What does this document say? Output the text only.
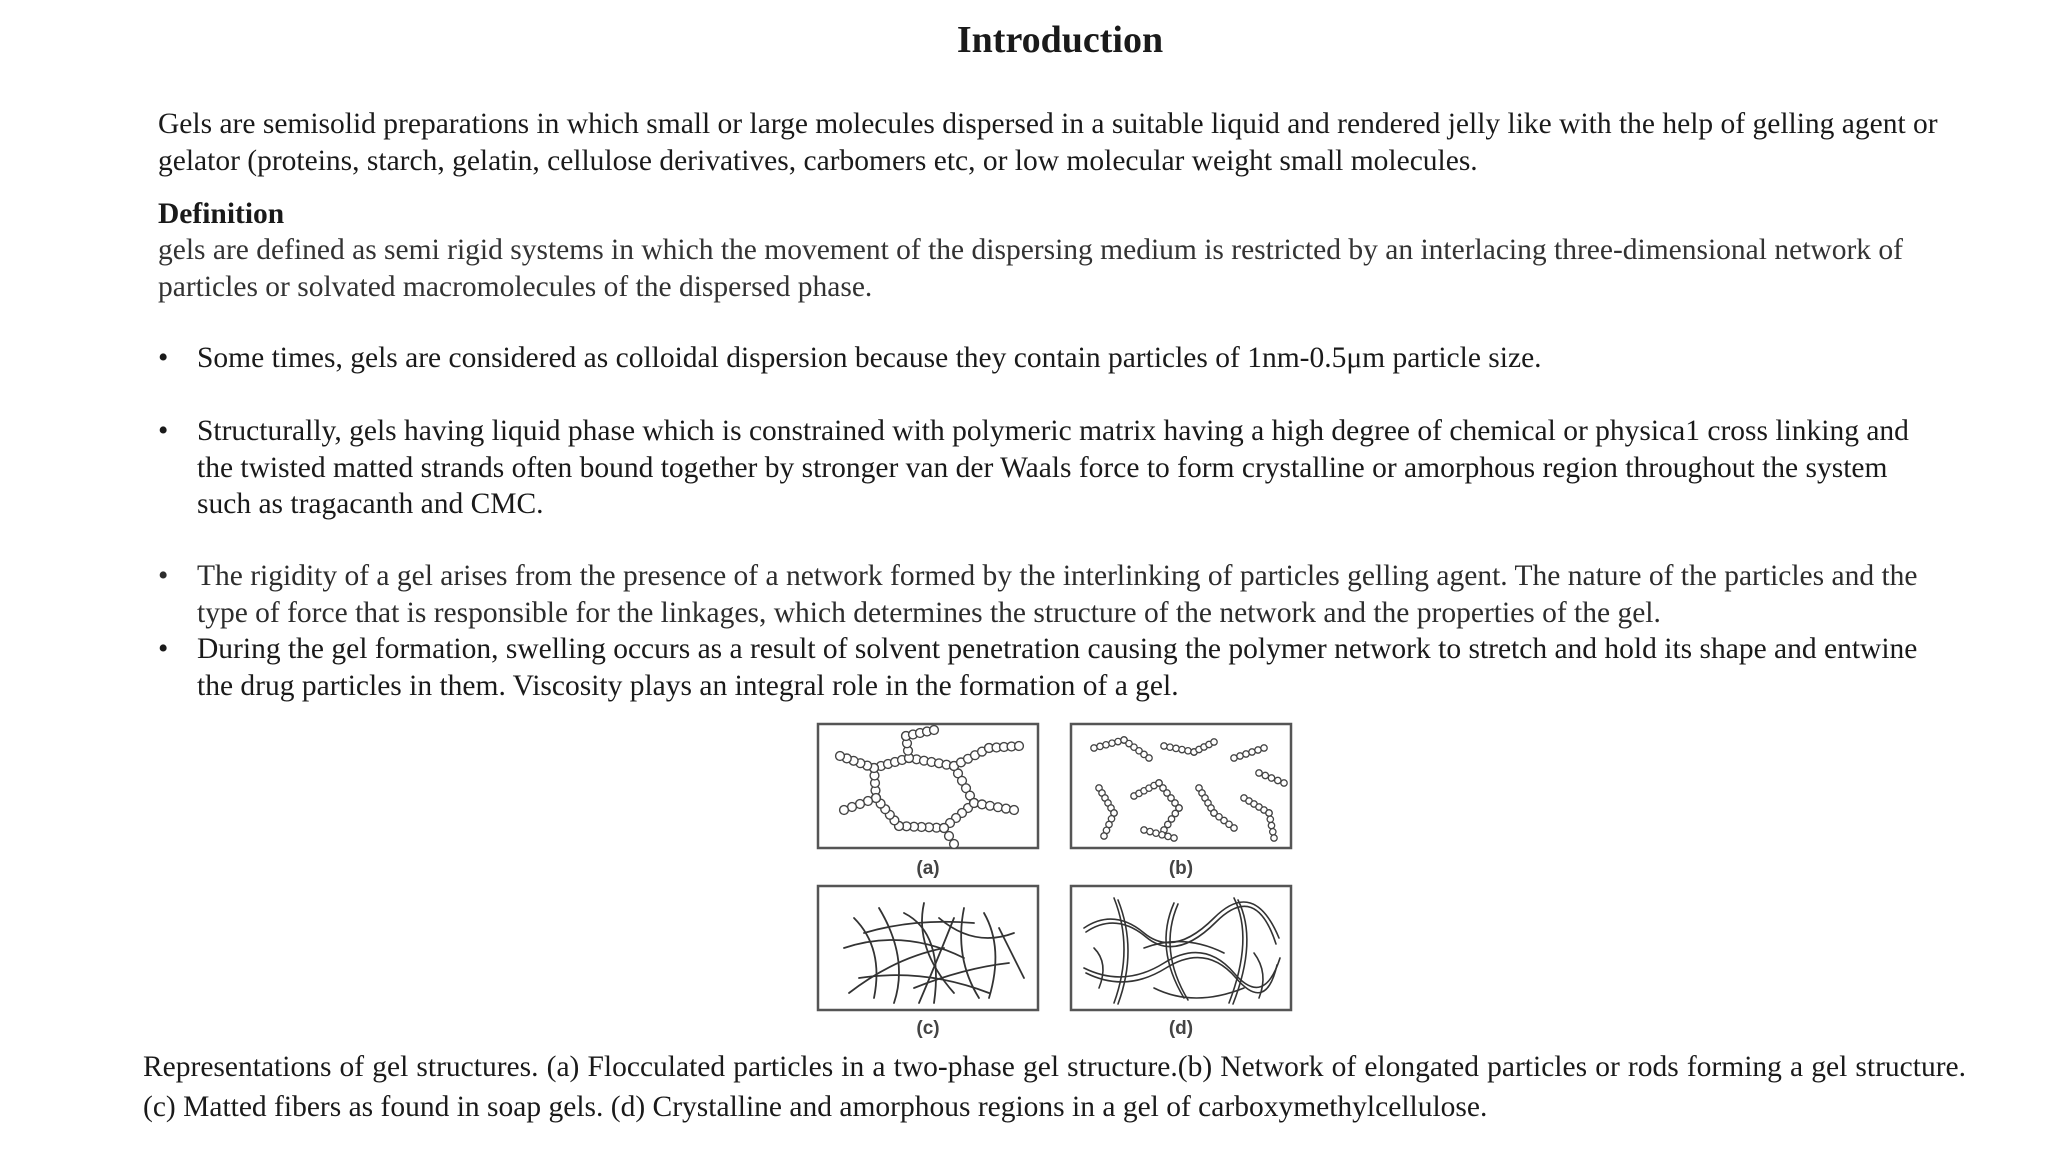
Introduction

Gels are semisolid preparations in which small or large molecules dispersed in a suitable liquid and rendered jelly like with the help of gelling agent or gelator (proteins, starch, gelatin, cellulose derivatives, carbomers etc, or low molecular weight small molecules.

Definition

gels are defined as semi rigid systems in which the movement of the dispersing medium is restricted by an interlacing three-dimensional network of particles or solvated macromolecules of the dispersed phase.

• Some times, gels are considered as colloidal dispersion because they contain particles of 1nm-0.5μm particle size.
• Structurally, gels having liquid phase which is constrained with polymeric matrix having a high degree of chemical or physica1 cross linking and the twisted matted strands often bound together by stronger van der Waals force to form crystalline or amorphous region throughout the system such as tragacanth and CMC.
• The rigidity of a gel arises from the presence of a network formed by the interlinking of particles gelling agent. The nature of the particles and the type of force that is responsible for the linkages, which determines the structure of the network and the properties of the gel.
• During the gel formation, swelling occurs as a result of solvent penetration causing the polymer network to stretch and hold its shape and entwine the drug particles in them. Viscosity plays an integral role in the formation of a gel.
(a)	(b)
(c)	(d)

Representations of gel structures. (a) Flocculated particles in a two-phase gel structure.(b) Network of elongated particles or rods forming a gel structure. (c) Matted fibers as found in soap gels. (d) Crystalline and amorphous regions in a gel of carboxymethylcellulose.
